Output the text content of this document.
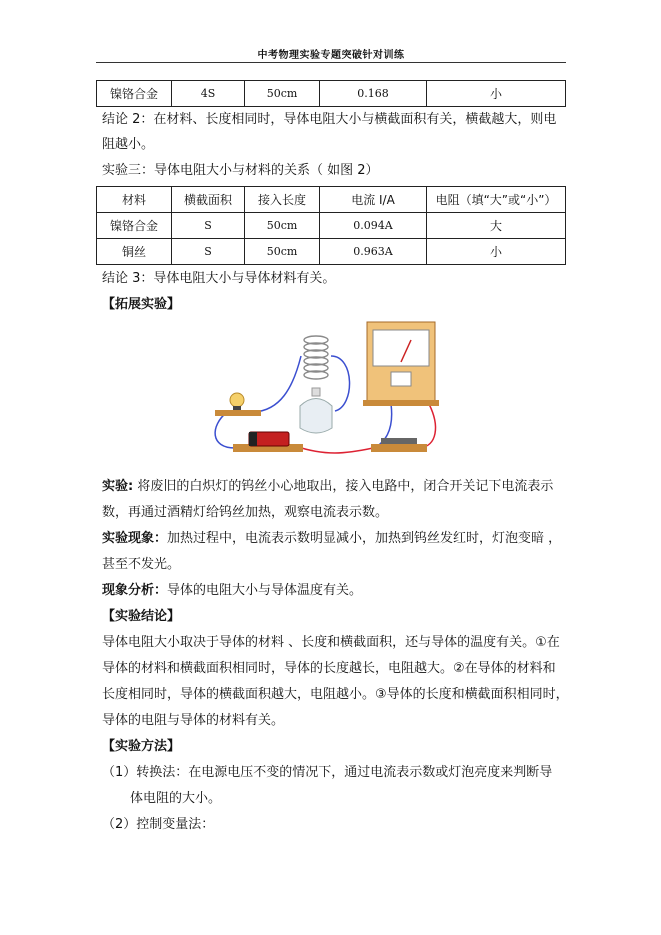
中考物理实验专题突破针对训练
镍铬合金	4S	50cm	0.168	小
结论 2：在材料、长度相同时，导体电阻大小与横截面积有关，横截越大，则电
阻越小。
实验三：导体电阻大小与材料的关系（ 如图 2）
材料	横截面积	接入长度	电流 I/A	电阻（填“大”或“小”）
镍铬合金	S	50cm	0.094A	大
铜丝	S	50cm	0.963A	小
结论 3：导体电阻大小与导体材料有关。
【拓展实验】
实验: 将废旧的白炽灯的钨丝小心地取出，接入电路中，闭合开关记下电流表示
数，再通过酒精灯给钨丝加热，观察电流表示数。
实验现象：加热过程中，电流表示数明显减小，加热到钨丝发红时，灯泡变暗 ，
甚至不发光。
现象分析：导体的电阻大小与导体温度有关。
【实验结论】
导体电阻大小取决于导体的材料 、长度和横截面积，还与导体的温度有关。①在
导体的材料和横截面积相同时，导体的长度越长，电阻越大。②在导体的材料和
长度相同时，导体的横截面积越大，电阻越小。③导体的长度和横截面积相同时，
导体的电阻与导体的材料有关。
【实验方法】
（1）转换法：在电源电压不变的情况下，通过电流表示数或灯泡亮度来判断导
体电阻的大小。
（2）控制变量法：
